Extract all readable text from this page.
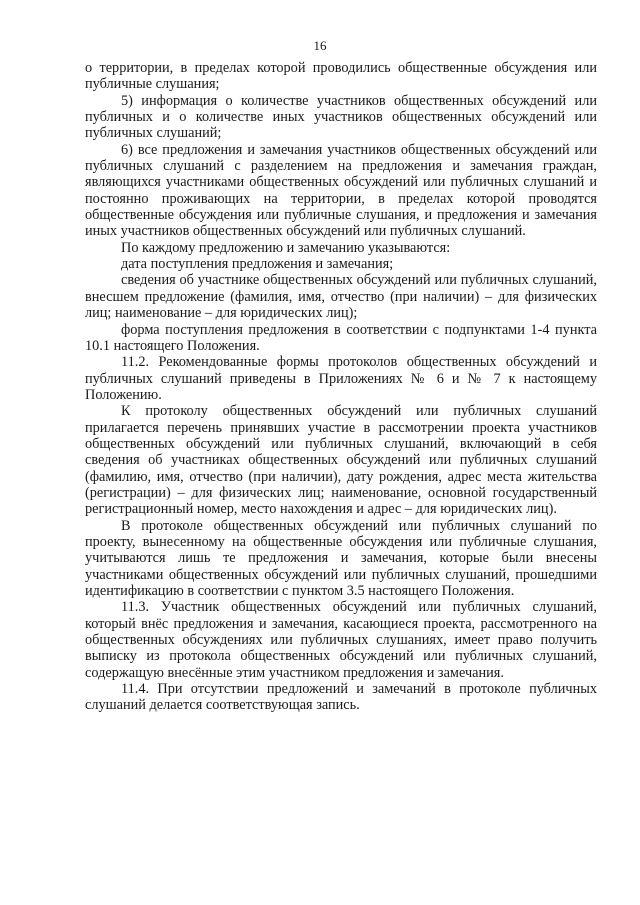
16

о территории, в пределах которой проводились общественные обсуждения или публичные слушания;

5) информация о количестве участников общественных обсуждений или публичных и о количестве иных участников общественных обсуждений или публичных слушаний;

6) все предложения и замечания участников общественных обсуждений или публичных слушаний с разделением на предложения и замечания граждан, являющихся участниками общественных обсуждений или публичных слушаний и постоянно проживающих на территории, в пределах которой проводятся общественные обсуждения или публичные слушания, и предложения и замечания иных участников общественных обсуждений или публичных слушаний.

По каждому предложению и замечанию указываются:

дата поступления предложения и замечания;

сведения об участнике общественных обсуждений или публичных слушаний, внесшем предложение (фамилия, имя, отчество (при наличии) – для физических лиц; наименование – для юридических лиц);

форма поступления предложения в соответствии с подпунктами 1-4 пункта 10.1 настоящего Положения.

11.2. Рекомендованные формы протоколов общественных обсуждений и публичных слушаний приведены в Приложениях № 6 и № 7 к настоящему Положению.

К протоколу общественных обсуждений или публичных слушаний прилагается перечень принявших участие в рассмотрении проекта участников общественных обсуждений или публичных слушаний, включающий в себя сведения об участниках общественных обсуждений или публичных слушаний (фамилию, имя, отчество (при наличии), дату рождения, адрес места жительства (регистрации) – для физических лиц; наименование, основной государственный регистрационный номер, место нахождения и адрес – для юридических лиц).

В протоколе общественных обсуждений или публичных слушаний по проекту, вынесенному на общественные обсуждения или публичные слушания, учитываются лишь те предложения и замечания, которые были внесены участниками общественных обсуждений или публичных слушаний, прошедшими идентификацию в соответствии с пунктом 3.5 настоящего Положения.

11.3. Участник общественных обсуждений или публичных слушаний, который внёс предложения и замечания, касающиеся проекта, рассмотренного на общественных обсуждениях или публичных слушаниях, имеет право получить выписку из протокола общественных обсуждений или публичных слушаний, содержащую внесённые этим участником предложения и замечания.

11.4. При отсутствии предложений и замечаний в протоколе публичных слушаний делается соответствующая запись.
